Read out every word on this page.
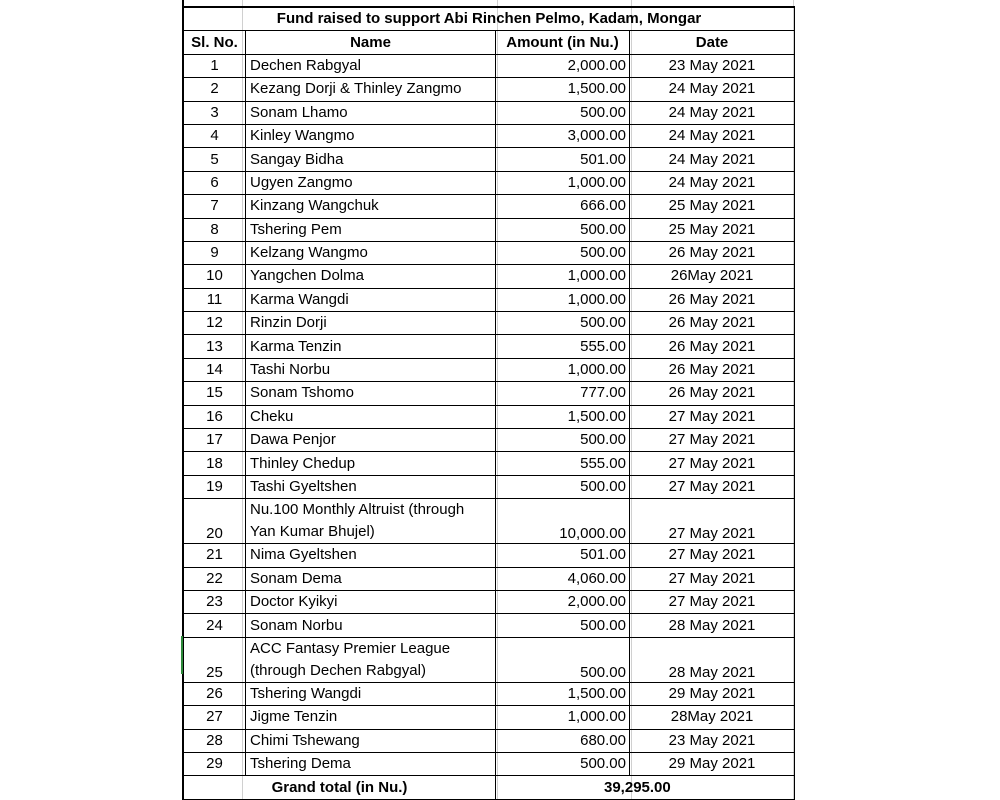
Fund raised to support Abi Rinchen Pelmo, Kadam, Mongar			
Sl. No.	Name	Amount (in Nu.)	Date
1	Dechen Rabgyal	2,000.00	23 May 2021
2	Kezang Dorji & Thinley Zangmo	1,500.00	24 May 2021
3	Sonam Lhamo	500.00	24 May 2021
4	Kinley Wangmo	3,000.00	24 May 2021
5	Sangay Bidha	501.00	24 May 2021
6	Ugyen Zangmo	1,000.00	24 May 2021
7	Kinzang Wangchuk	666.00	25 May 2021
8	Tshering Pem	500.00	25 May 2021
9	Kelzang Wangmo	500.00	26 May 2021
10	Yangchen Dolma	1,000.00	26May 2021
11	Karma Wangdi	1,000.00	26 May 2021
12	Rinzin Dorji	500.00	26 May 2021
13	Karma Tenzin	555.00	26 May 2021
14	Tashi Norbu	1,000.00	26 May 2021
15	Sonam Tshomo	777.00	26 May 2021
16	Cheku	1,500.00	27 May 2021
17	Dawa Penjor	500.00	27 May 2021
18	Thinley Chedup	555.00	27 May 2021
19	Tashi Gyeltshen	500.00	27 May 2021
20	Nu.100 Monthly Altruist (through Yan Kumar Bhujel)	10,000.00	27 May 2021
21	Nima Gyeltshen	501.00	27 May 2021
22	Sonam Dema	4,060.00	27 May 2021
23	Doctor Kyikyi	2,000.00	27 May 2021
24	Sonam Norbu	500.00	28 May 2021
25	ACC Fantasy Premier League (through Dechen Rabgyal)	500.00	28 May 2021
26	Tshering Wangdi	1,500.00	29 May 2021
27	Jigme Tenzin	1,000.00	28May 2021
28	Chimi Tshewang	680.00	23 May 2021
29	Tshering Dema	500.00	29 May 2021
Grand total (in Nu.)		39,295.00	
